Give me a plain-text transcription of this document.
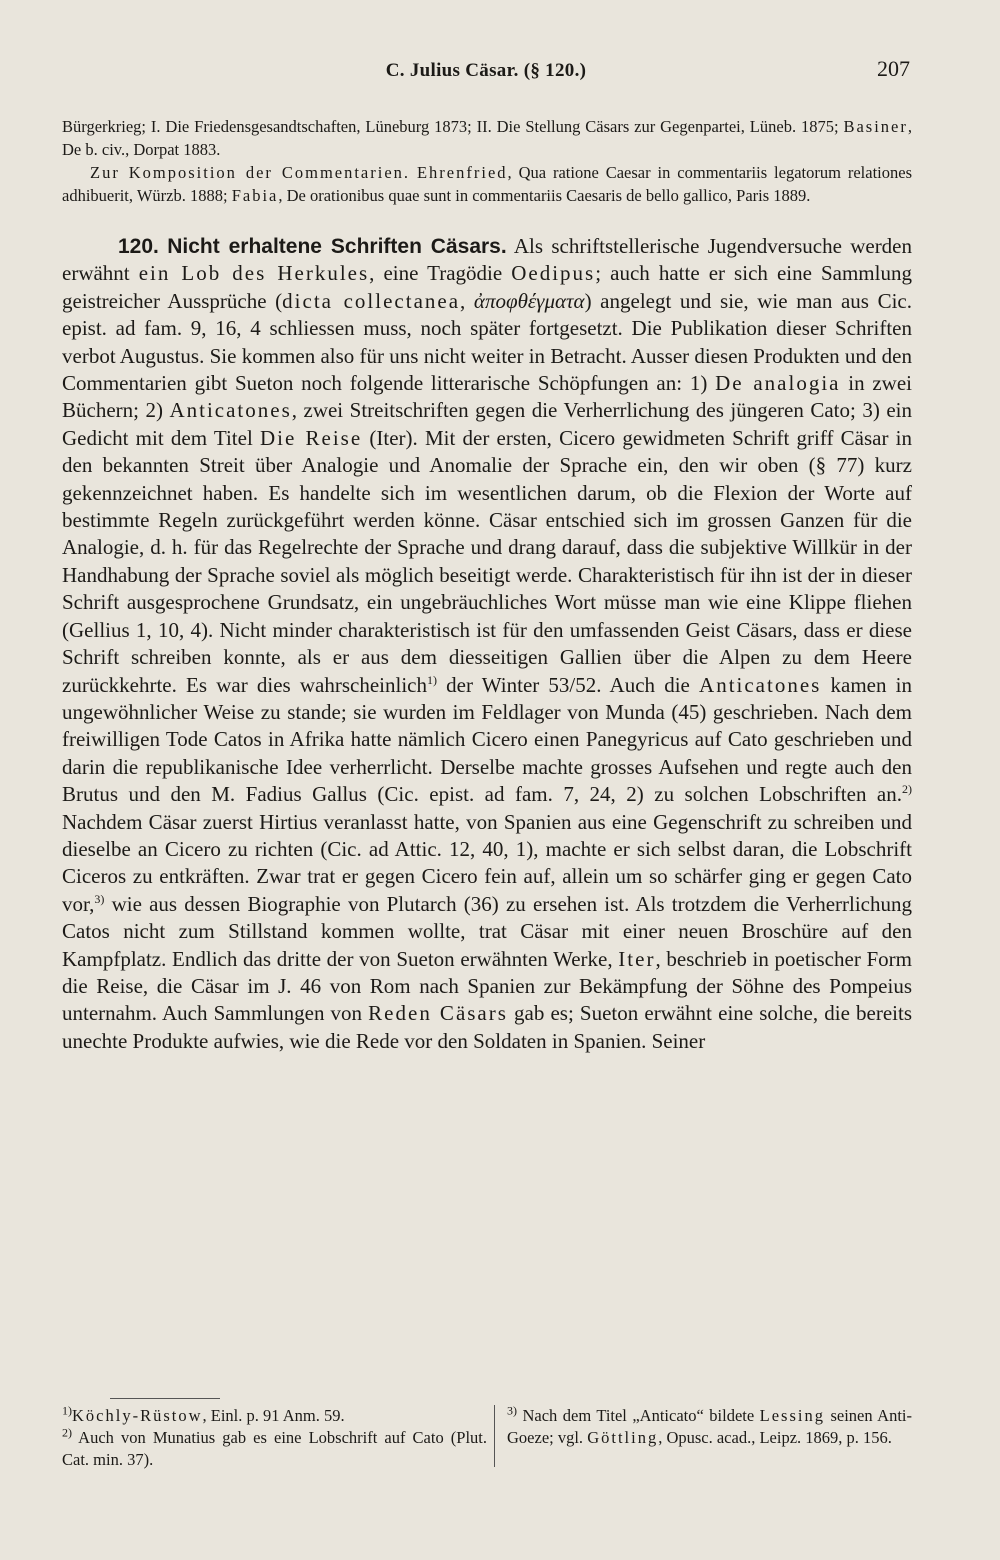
C. Julius Cäsar. (§ 120.)	207

Bürgerkrieg; I. Die Friedensgesandtschaften, Lüneburg 1873; II. Die Stellung Cäsars zur Gegenpartei, Lüneb. 1875; Basiner, De b. civ., Dorpat 1883.

Zur Komposition der Commentarien. Ehrenfried, Qua ratione Caesar in commentariis legatorum relationes adhibuerit, Würzb. 1888; Fabia, De orationibus quae sunt in commentariis Caesaris de bello gallico, Paris 1889.

120. Nicht erhaltene Schriften Cäsars. Als schriftstellerische Jugendversuche werden erwähnt ein Lob des Herkules, eine Tragödie Oedipus; auch hatte er sich eine Sammlung geistreicher Aussprüche (dicta collectanea, ἀποφθέγματα) angelegt und sie, wie man aus Cic. epist. ad fam. 9, 16, 4 schliessen muss, noch später fortgesetzt. Die Publikation dieser Schriften verbot Augustus. Sie kommen also für uns nicht weiter in Betracht. Ausser diesen Produkten und den Commentarien gibt Sueton noch folgende litterarische Schöpfungen an: 1) De analogia in zwei Büchern; 2) Anticatones, zwei Streitschriften gegen die Verherrlichung des jüngeren Cato; 3) ein Gedicht mit dem Titel Die Reise (Iter). Mit der ersten, Cicero gewidmeten Schrift griff Cäsar in den bekannten Streit über Analogie und Anomalie der Sprache ein, den wir oben (§ 77) kurz gekennzeichnet haben. Es handelte sich im wesentlichen darum, ob die Flexion der Worte auf bestimmte Regeln zurückgeführt werden könne. Cäsar entschied sich im grossen Ganzen für die Analogie, d. h. für das Regelrechte der Sprache und drang darauf, dass die subjektive Willkür in der Handhabung der Sprache soviel als möglich beseitigt werde. Charakteristisch für ihn ist der in dieser Schrift ausgesprochene Grundsatz, ein ungebräuchliches Wort müsse man wie eine Klippe fliehen (Gellius 1, 10, 4). Nicht minder charakteristisch ist für den umfassenden Geist Cäsars, dass er diese Schrift schreiben konnte, als er aus dem diesseitigen Gallien über die Alpen zu dem Heere zurückkehrte. Es war dies wahrscheinlich$^{1)}$ der Winter 53/52. Auch die Anticatones kamen in ungewöhnlicher Weise zu stande; sie wurden im Feldlager von Munda (45) geschrieben. Nach dem freiwilligen Tode Catos in Afrika hatte nämlich Cicero einen Panegyricus auf Cato geschrieben und darin die republikanische Idee verherrlicht. Derselbe machte grosses Aufsehen und regte auch den Brutus und den M. Fadius Gallus (Cic. epist. ad fam. 7, 24, 2) zu solchen Lobschriften an.$^{2)}$ Nachdem Cäsar zuerst Hirtius veranlasst hatte, von Spanien aus eine Gegenschrift zu schreiben und dieselbe an Cicero zu richten (Cic. ad Attic. 12, 40, 1), machte er sich selbst daran, die Lobschrift Ciceros zu entkräften. Zwar trat er gegen Cicero fein auf, allein um so schärfer ging er gegen Cato vor,$^{3)}$ wie aus dessen Biographie von Plutarch (36) zu ersehen ist. Als trotzdem die Verherrlichung Catos nicht zum Stillstand kommen wollte, trat Cäsar mit einer neuen Broschüre auf den Kampfplatz. Endlich das dritte der von Sueton erwähnten Werke, Iter, beschrieb in poetischer Form die Reise, die Cäsar im J. 46 von Rom nach Spanien zur Bekämpfung der Söhne des Pompeius unternahm. Auch Sammlungen von Reden Cäsars gab es; Sueton erwähnt eine solche, die bereits unechte Produkte aufwies, wie die Rede vor den Soldaten in Spanien. Seiner

$^{1)}$Köchly-Rüstow, Einl. p. 91 Anm. 59.

$^{2)}$ Auch von Munatius gab es eine Lobschrift auf Cato (Plut. Cat. min. 37).

$^{3)}$ Nach dem Titel „Anticato“ bildete Lessing seinen Anti-Goeze; vgl. Göttling, Opusc. acad., Leipz. 1869, p. 156.
